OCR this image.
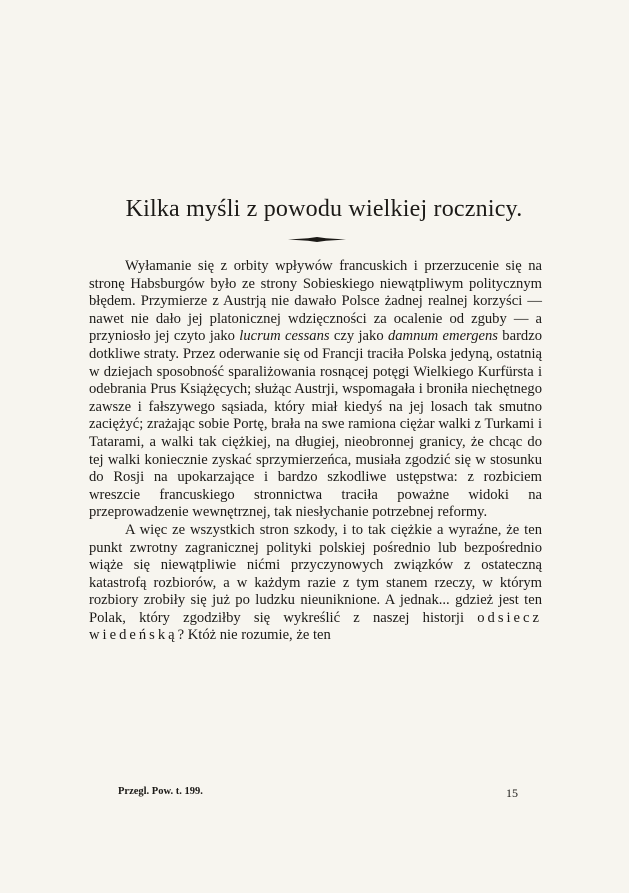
Kilka myśli z powodu wielkiej rocznicy.

Wyłamanie się z orbity wpływów francuskich i przerzucenie się na stronę Habsburgów było ze strony Sobieskiego niewątpliwym politycznym błędem. Przymierze z Austrją nie dawało Polsce żadnej realnej korzyści — nawet nie dało jej platonicznej wdzięczności za ocalenie od zguby — a przyniosło jej czyto jako lucrum cessans czy jako damnum emergens bardzo dotkliwe straty. Przez oderwanie się od Francji traciła Polska jedyną, ostatnią w dziejach sposobność sparaliżowania rosnącej potęgi Wielkiego Kurfürsta i odebrania Prus Książęcych; służąc Austrji, wspomagała i broniła niechętnego zawsze i fałszywego sąsiada, który miał kiedyś na jej losach tak smutno zaciężyć; zrażając sobie Portę, brała na swe ramiona ciężar walki z Turkami i Tatarami, a walki tak ciężkiej, na długiej, nieobronnej granicy, że chcąc do tej walki koniecznie zyskać sprzymierzeńca, musiała zgodzić się w stosunku do Rosji na upokarzające i bardzo szkodliwe ustępstwa: z rozbiciem wreszcie francuskiego stronnictwa traciła poważne widoki na przeprowadzenie wewnętrznej, tak niesłychanie potrzebnej reformy.

A więc ze wszystkich stron szkody, i to tak ciężkie a wyraźne, że ten punkt zwrotny zagranicznej polityki polskiej pośrednio lub bezpośrednio wiąże się niewątpliwie nićmi przyczynowych związków z ostateczną katastrofą rozbiorów, a w każdym razie z tym stanem rzeczy, w którym rozbiory zrobiły się już po ludzku nieuniknione. A jednak... gdzież jest ten Polak, który zgodziłby się wykreślić z naszej historji odsiecz wiedeńską? Któż nie rozumie, że ten

Przegl. Pow. t. 199.	15
